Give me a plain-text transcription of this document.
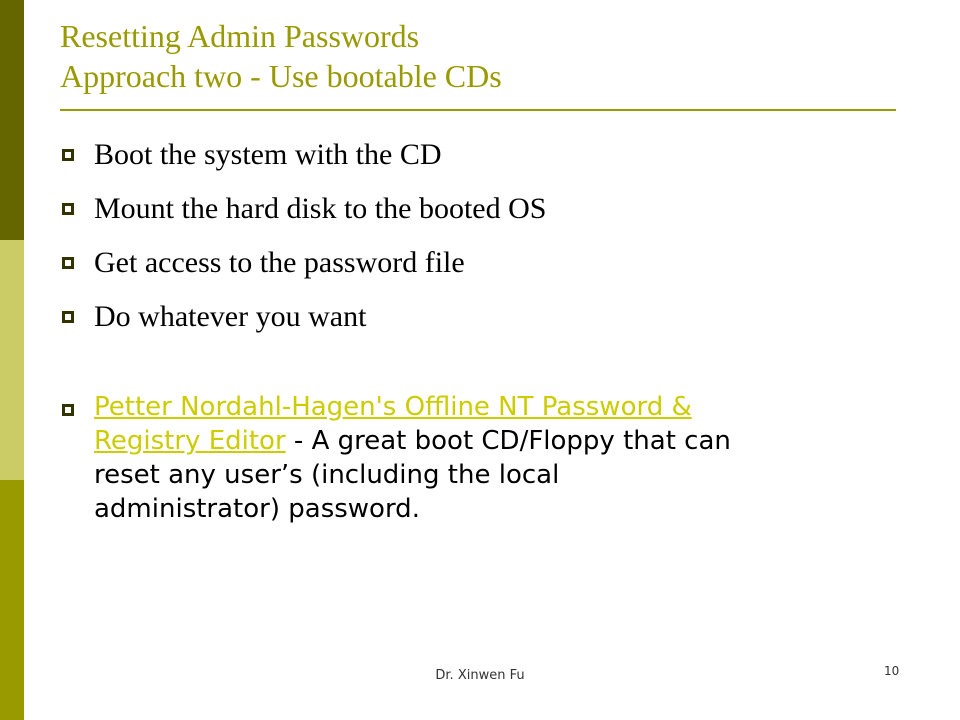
Resetting Admin Passwords
Approach two - Use bootable CDs
Boot the system with the CD
Mount the hard disk to the booted OS
Get access to the password file
Do whatever you want
Petter Nordahl-Hagen's Offline NT Password &
Registry Editor - A great boot CD/Floppy that can
reset any user’s (including the local
administrator) password.
Dr. Xinwen Fu	10
